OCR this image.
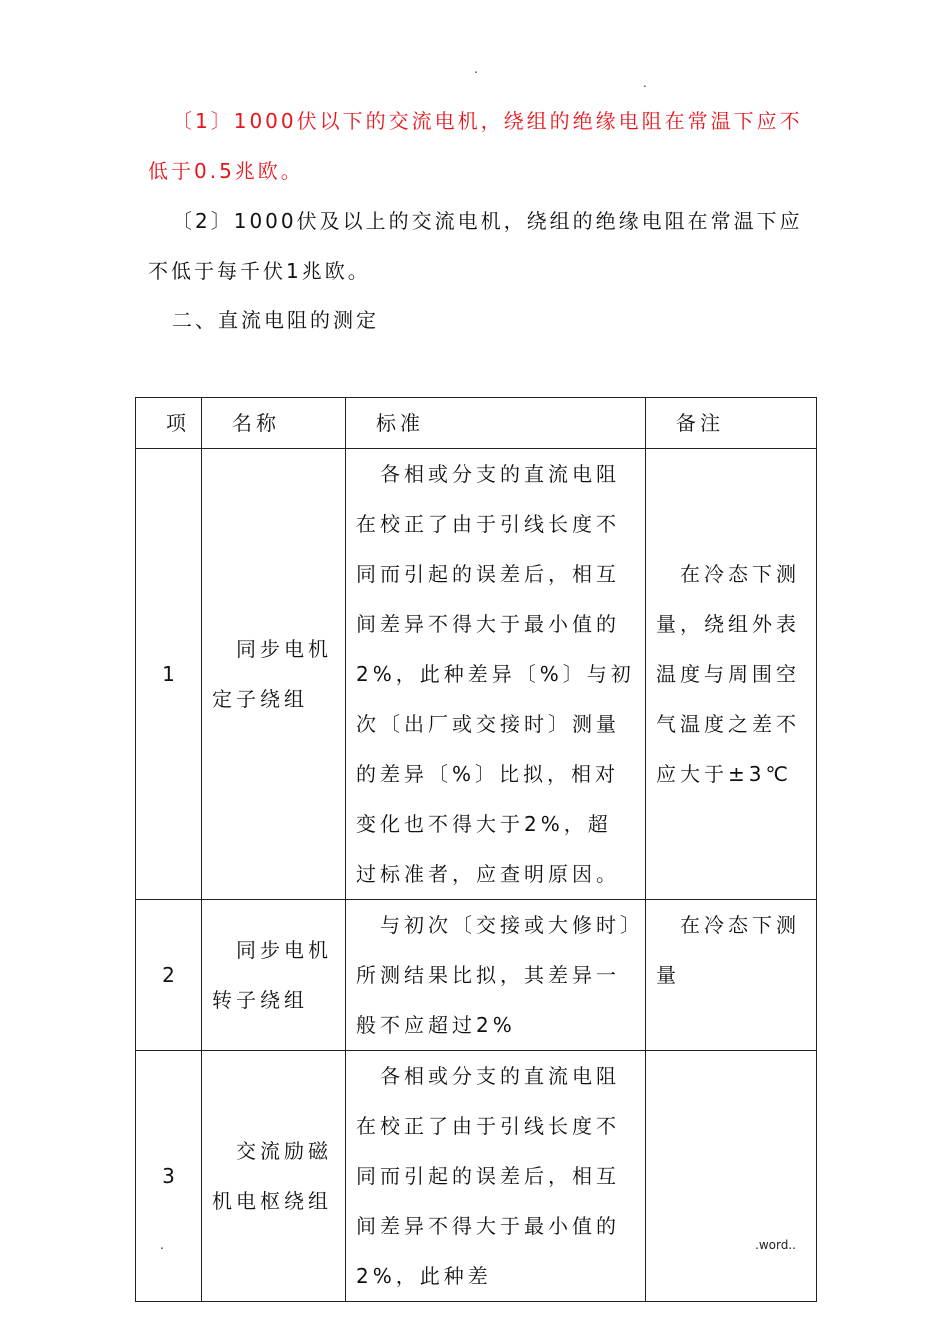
.
.
〔1〕1000伏以下的交流电机，绕组的绝缘电阻在常温下应不低于0.5兆欧。
〔2〕1000伏及以上的交流电机，绕组的绝缘电阻在常温下应不低于每千伏1兆欧。
二、直流电阻的测定
项	名称	标准	备注
1	同步电机定子绕组	各相或分支的直流电阻在校正了由于引线长度不同而引起的误差后，相互间差异不得大于最小值的2%，此种差异〔%〕与初次〔出厂或交接时〕测量的差异〔%〕比拟，相对变化也不得大于2%，超过标准者，应查明原因。	在冷态下测量，绕组外表温度与周围空气温度之差不应大于±3℃
2	同步电机转子绕组	与初次〔交接或大修时〕所测结果比拟，其差异一般不应超过2%	在冷态下测量
3	交流励磁机电枢绕组	各相或分支的直流电阻在校正了由于引线长度不同而引起的误差后，相互间差异不得大于最小值的2%，此种差	
.	.word..
